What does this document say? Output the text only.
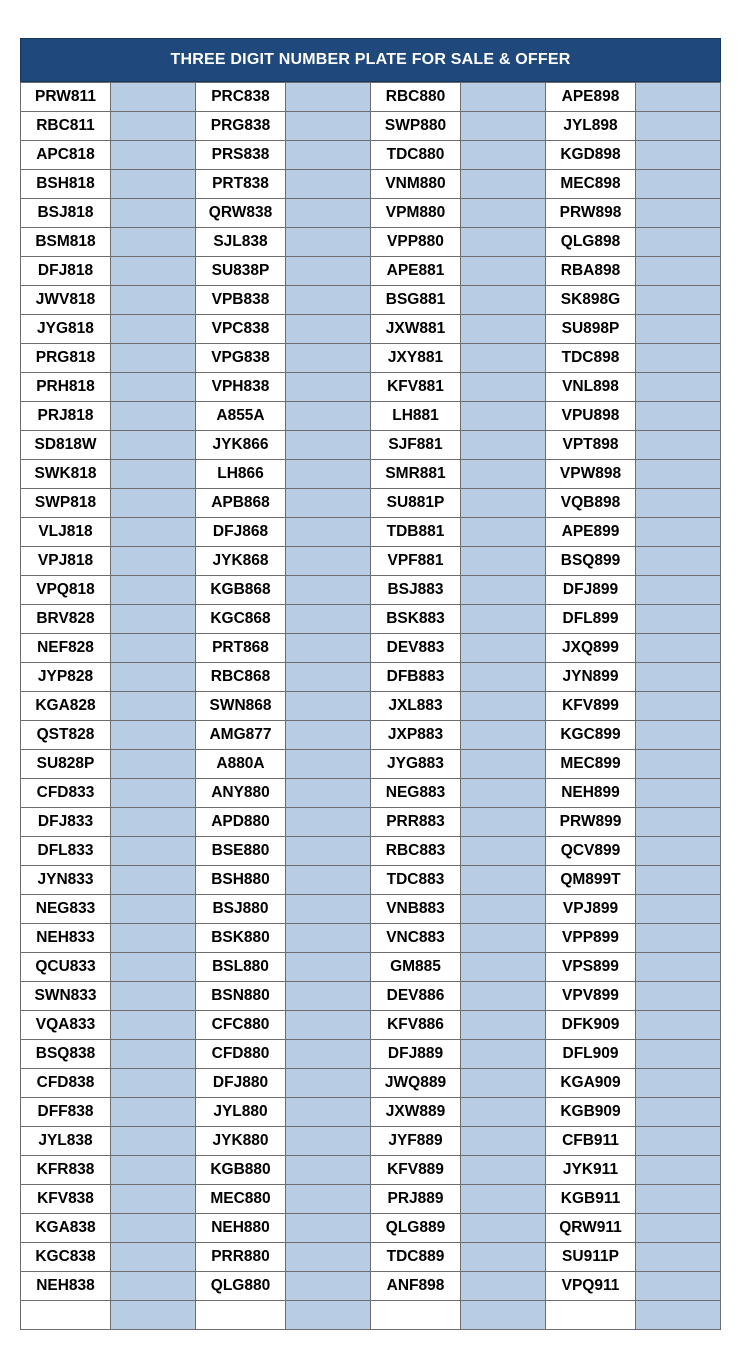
THREE DIGIT NUMBER PLATE FOR SALE & OFFER
PRW811		PRC838		RBC880		APE898	
RBC811		PRG838		SWP880		JYL898	
APC818		PRS838		TDC880		KGD898	
BSH818		PRT838		VNM880		MEC898	
BSJ818		QRW838		VPM880		PRW898	
BSM818		SJL838		VPP880		QLG898	
DFJ818		SU838P		APE881		RBA898	
JWV818		VPB838		BSG881		SK898G	
JYG818		VPC838		JXW881		SU898P	
PRG818		VPG838		JXY881		TDC898	
PRH818		VPH838		KFV881		VNL898	
PRJ818		A855A		LH881		VPU898	
SD818W		JYK866		SJF881		VPT898	
SWK818		LH866		SMR881		VPW898	
SWP818		APB868		SU881P		VQB898	
VLJ818		DFJ868		TDB881		APE899	
VPJ818		JYK868		VPF881		BSQ899	
VPQ818		KGB868		BSJ883		DFJ899	
BRV828		KGC868		BSK883		DFL899	
NEF828		PRT868		DEV883		JXQ899	
JYP828		RBC868		DFB883		JYN899	
KGA828		SWN868		JXL883		KFV899	
QST828		AMG877		JXP883		KGC899	
SU828P		A880A		JYG883		MEC899	
CFD833		ANY880		NEG883		NEH899	
DFJ833		APD880		PRR883		PRW899	
DFL833		BSE880		RBC883		QCV899	
JYN833		BSH880		TDC883		QM899T	
NEG833		BSJ880		VNB883		VPJ899	
NEH833		BSK880		VNC883		VPP899	
QCU833		BSL880		GM885		VPS899	
SWN833		BSN880		DEV886		VPV899	
VQA833		CFC880		KFV886		DFK909	
BSQ838		CFD880		DFJ889		DFL909	
CFD838		DFJ880		JWQ889		KGA909	
DFF838		JYL880		JXW889		KGB909	
JYL838		JYK880		JYF889		CFB911	
KFR838		KGB880		KFV889		JYK911	
KFV838		MEC880		PRJ889		KGB911	
KGA838		NEH880		QLG889		QRW911	
KGC838		PRR880		TDC889		SU911P	
NEH838		QLG880		ANF898		VPQ911	
